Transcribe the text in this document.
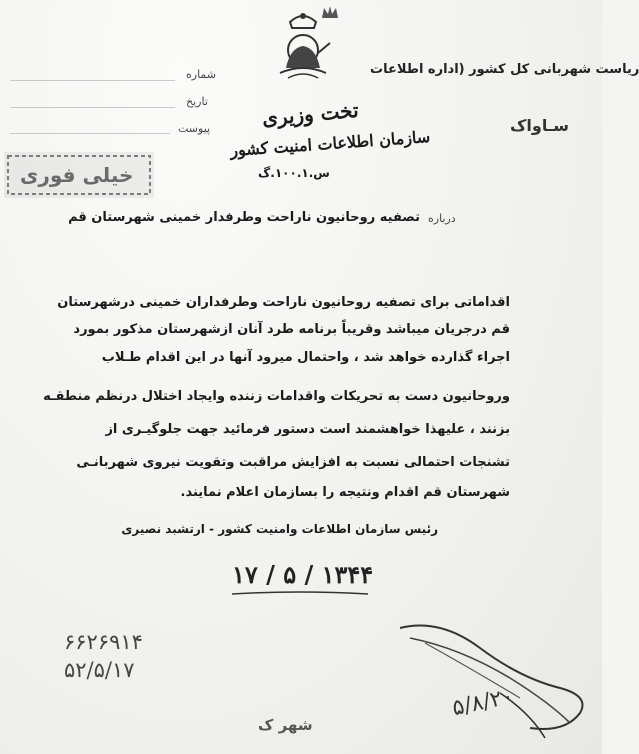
شماره
تاریخ
پیوست	تخت وزیری
سازمان اطلاعات امنیت کشور
س.۱۰۰.۱.گ
ریاست شهربانی کل کشور (اداره اطلاعات
سـاواک
خیلی فوری
درباره
تصفیه روحانیون ناراحت وطرفدار خمینی شهرستان قم
اقداماتی برای تصفیه روحانیون ناراحت وطرفداران خمینی درشهرستان
قم درجریان میباشد وقریباً برنامه طرد آنان ازشهرستان مذکور بمورد
اجراء گذارده خواهد شد ، واحتمال میرود آنها در این اقدام طـلاب
وروحانیون دست به تحریکات واقدامات زننده وایجاد اختلال درنظم منطقـه
بزنند ، علیهذا خواهشمند است دستور فرمائید جهت جلوگیـری از
تشنجات احتمالی نسبت به افزایش مراقبت وتقویت نیروی شهربانـی
شهرستان قم اقدام ونتیجه را بسازمان اعلام نمایند.
رئیس سازمان اطلاعات وامنیت کشور - ارتشبد نصیری
۱۷ / ۵ / ۱۳۴۴
۶۶۲۶۹۱۴
۵۲/۵/۱۷
۵/۸/۲۰
شهر ک
